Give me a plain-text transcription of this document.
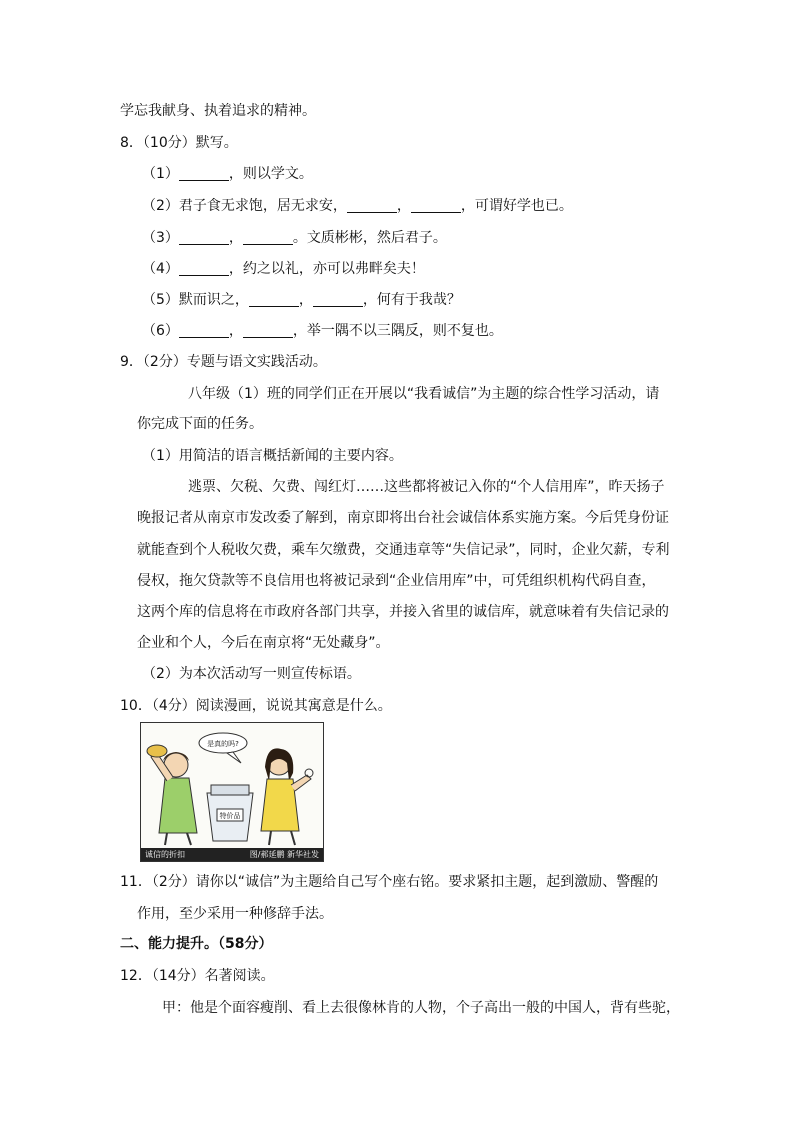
学忘我献身、执着追求的精神。
8．（10分）默写。
（1）	，则以学文。
（2）君子食无求饱，居无求安，	，	，可谓好学也已。
（3）	，	。文质彬彬，然后君子。
（4）	，约之以礼，亦可以弗畔矣夫！
（5）默而识之，	，	，何有于我哉？
（6）	，	，举一隅不以三隅反，则不复也。
9．（2分）专题与语文实践活动。
八年级（1）班的同学们正在开展以“我看诚信”为主题的综合性学习活动，请
你完成下面的任务。
（1）用简洁的语言概括新闻的主要内容。
逃票、欠税、欠费、闯红灯……这些都将被记入你的“个人信用库”，昨天扬子
晚报记者从南京市发改委了解到，南京即将出台社会诚信体系实施方案。今后凭身份证
就能查到个人税收欠费，乘车欠缴费，交通违章等“失信记录”，同时，企业欠薪，专利
侵权，拖欠贷款等不良信用也将被记录到“企业信用库”中，可凭组织机构代码自查，
这两个库的信息将在市政府各部门共享，并接入省里的诚信库，就意味着有失信记录的
企业和个人，今后在南京将“无处藏身”。
（2）为本次活动写一则宣传标语。
10．（4分）阅读漫画，说说其寓意是什么。
是真的吗?
特价品
诚信的折扣	图/郝延鹏 新华社发
11．（2分）请你以“诚信”为主题给自己写个座右铭。要求紧扣主题，起到激励、警醒的
作用，至少采用一种修辞手法。
二、能力提升。（58分）
12．（14分）名著阅读。
甲：他是个面容瘦削、看上去很像林肯的人物，个子高出一般的中国人，背有些驼，
